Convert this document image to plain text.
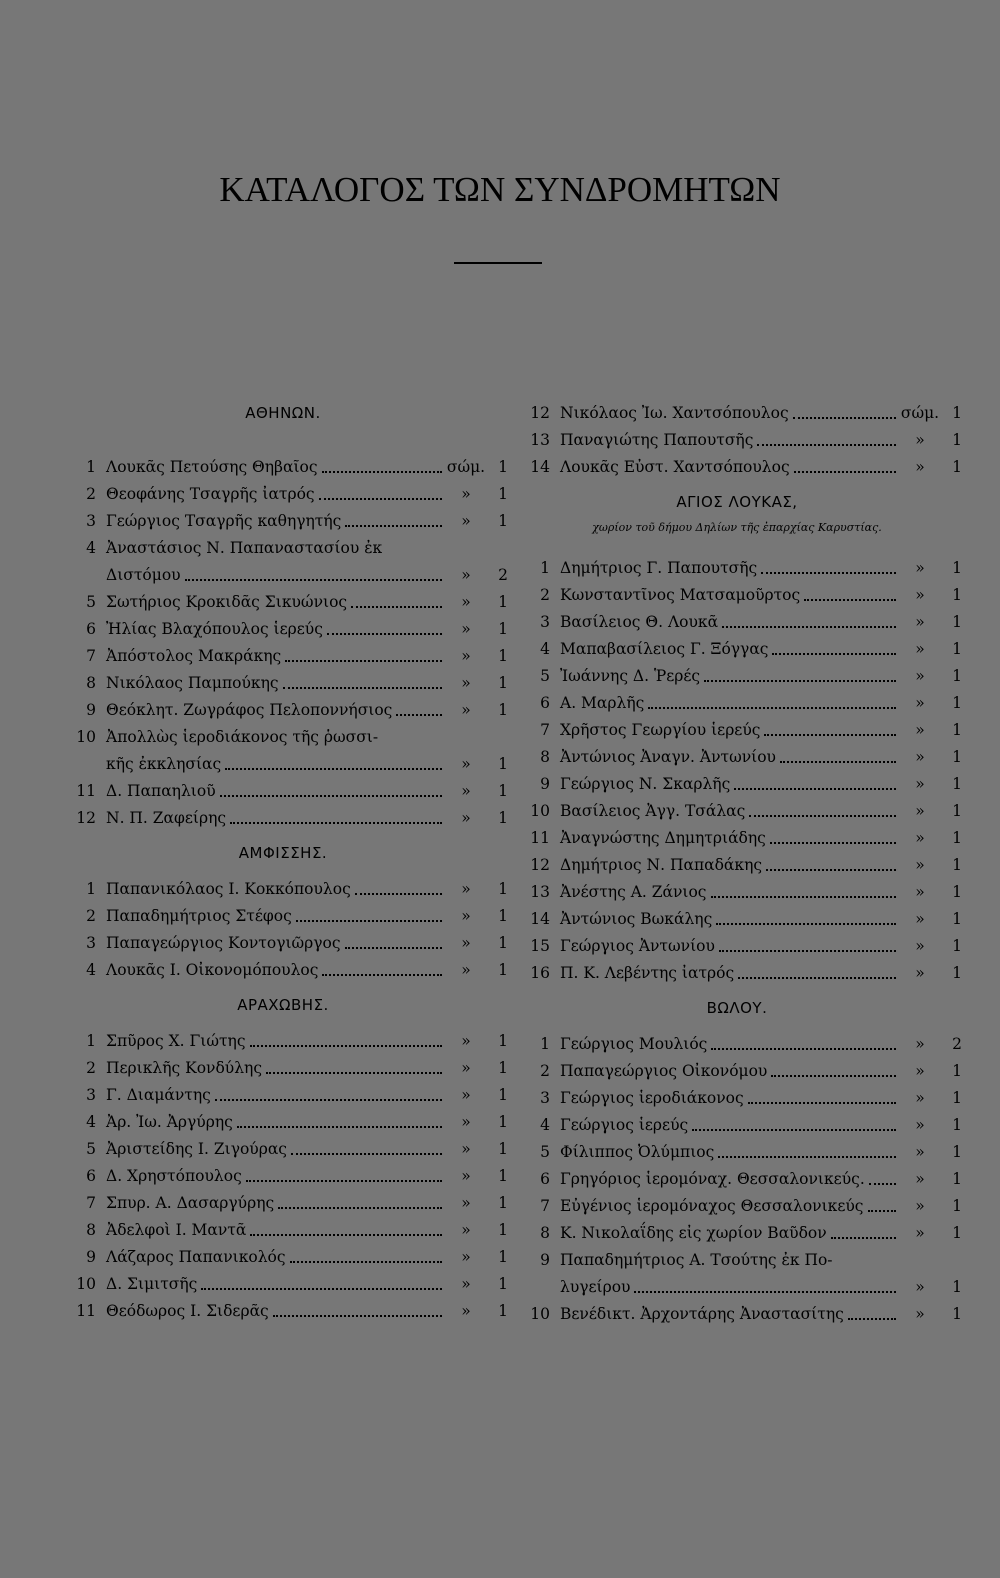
ΚΑΤΑΛΟΓΟΣ ΤΩΝ ΣΥΝΔΡΟΜΗΤΩΝ
ΑΘΗΝΩΝ.
1 Λουκᾶς Πετούσης Θηβαῖος	σώμ. 1
2 Θεοφάνης Τσαγρῆς ἰατρός	»	1
3 Γεώργιος Τσαγρῆς καθηγητής	»	1
4 Ἀναστάσιος Ν. Παπαναστασίου ἐκ
Διστόμου	»	2
5 Σωτήριος Κροκιδᾶς Σικυώνιος	»	1
6 Ἠλίας Βλαχόπουλος ἱερεύς	»	1
7 Ἀπόστολος Μακράκης	»	1
8 Νικόλαος Παμπούκης	»	1
9 Θεόκλητ. Ζωγράφος Πελοποννήσιος	»	1
10 Ἀπολλὼς ἱεροδιάκονος τῆς ῥωσσι-
κῆς ἐκκλησίας	»	1
11 Δ. Παπαηλιοῦ	»	1
12 Ν. Π. Ζαφείρης	»	1
ΑΜΦΙΣΣΗΣ.
1 Παπανικόλαος Ι. Κοκκόπουλος	»	1
2 Παπαδημήτριος Στέφος	»	1
3 Παπαγεώργιος Κοντογιῶργος	»	1
4 Λουκᾶς Ι. Οἰκονομόπουλος	»	1
ΑΡΑΧΩΒΗΣ.
1 Σπῦρος Χ. Γιώτης	»	1
2 Περικλῆς Κονδύλης	»	1
3 Γ. Διαμάντης	»	1
4 Ἀρ. Ἰω. Ἀργύρης	»	1
5 Ἀριστείδης Ι. Ζιγούρας	»	1
6 Δ. Χρηστόπουλος	»	1
7 Σπυρ. Α. Δασαργύρης	»	1
8 Ἀδελφοὶ Ι. Μαντᾶ	»	1
9 Λάζαρος Παπανικολός	»	1
10 Δ. Σιμιτσῆς	»	1
11 Θεόδωρος Ι. Σιδερᾶς	»	1
12 Νικόλαος Ἰω. Χαντσόπουλος	σώμ. 1
13 Παναγιώτης Παπουτσῆς	»	1
14 Λουκᾶς Εὐστ. Χαντσόπουλος	»	1
ΑΓΙΟΣ ΛΟΥΚΑΣ,
χωρίον τοῦ δήμου Δηλίων τῆς ἐπαρχίας Καρυστίας.
1 Δημήτριος Γ. Παπουτσῆς	»	1
2 Κωνσταντῖνος Ματσαμοῦρτος	»	1
3 Βασίλειος Θ. Λουκᾶ	»	1
4 Μαπαβασίλειος Γ. Ξόγγας	»	1
5 Ἰωάννης Δ. Ῥερές	»	1
6 Α. Μαρλῆς	»	1
7 Χρῆστος Γεωργίου ἱερεύς	»	1
8 Ἀντώνιος Ἀναγν. Ἀντωνίου	»	1
9 Γεώργιος Ν. Σκαρλῆς	»	1
10 Βασίλειος Ἀγγ. Τσάλας	»	1
11 Ἀναγνώστης Δημητριάδης	»	1
12 Δημήτριος Ν. Παπαδάκης	»	1
13 Ἀνέστης Α. Ζάνιος	»	1
14 Ἀντώνιος Βωκάλης	»	1
15 Γεώργιος Ἀντωνίου	»	1
16 Π. Κ. Λεβέντης ἰατρός	»	1
ΒΩΛΟΥ.
1 Γεώργιος Μουλιός	»	2
2 Παπαγεώργιος Οἰκονόμου	»	1
3 Γεώργιος ἱεροδιάκονος	»	1
4 Γεώργιος ἱερεύς	»	1
5 Φίλιππος Ὀλύμπιος	»	1
6 Γρηγόριος ἱερομόναχ. Θεσσαλονικεύς.	»	1
7 Εὐγένιος ἱερομόναχος Θεσσαλονικεύς	»	1
8 Κ. Νικολαΐδης εἰς χωρίον Βαῦδον	»	1
9 Παπαδημήτριος Α. Τσούτης ἐκ Πο-
λυγείρου	»	1
10 Βενέδικτ. Ἀρχοντάρης Ἀναστασίτης	»	1
